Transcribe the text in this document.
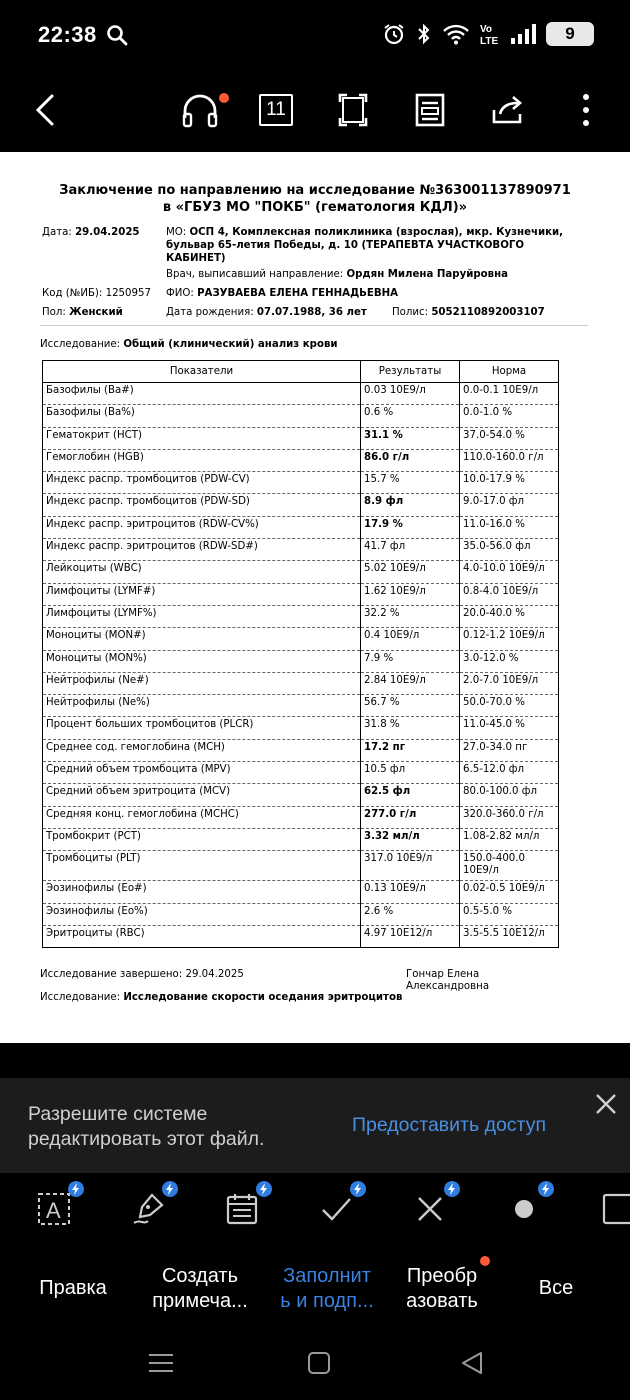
22:38	Vo
LTE	9
11
Заключение по направлению на исследование №363001137890971
в «ГБУЗ МО "ПОКБ" (гематология КДЛ)»
Дата: 29.04.2025	МО: ОСП 4, Комплексная поликлиника (взрослая), мкр. Кузнечики,
бульвар 65-летия Победы, д. 10 (ТЕРАПЕВТА УЧАСТКОВОГО
КАБИНЕТ)
Врач, выписавший направление: Ордян Милена Паруйровна
Код (№ИБ): 1250957 ФИО: РАЗУВАЕВА ЕЛЕНА ГЕННАДЬЕВНА
Пол: Женский	Дата рождения: 07.07.1988, 36 лет Полис: 5052110892003107
Исследование: Общий (клинический) анализ крови
Показатели	Результаты	Норма
Базофилы (Ba#)	0.03 10E9/л	0.0-0.1 10E9/л
Базофилы (Ba%)	0.6 %	0.0-1.0 %
Гематокрит (HCT)	31.1 %	37.0-54.0 %
Гемоглобин (HGB)	86.0 г/л	110.0-160.0 г/л
Индекс распр. тромбоцитов (PDW-CV)	15.7 %	10.0-17.9 %
Индекс распр. тромбоцитов (PDW-SD)	8.9 фл	9.0-17.0 фл
Индекс распр. эритроцитов (RDW-CV%)	17.9 %	11.0-16.0 %
Индекс распр. эритроцитов (RDW-SD#)	41.7 фл	35.0-56.0 фл
Лейкоциты (WBC)	5.02 10E9/л	4.0-10.0 10E9/л
Лимфоциты (LYMF#)	1.62 10E9/л	0.8-4.0 10E9/л
Лимфоциты (LYMF%)	32.2 %	20.0-40.0 %
Моноциты (MON#)	0.4 10E9/л	0.12-1.2 10E9/л
Моноциты (MON%)	7.9 %	3.0-12.0 %
Нейтрофилы (Ne#)	2.84 10E9/л	2.0-7.0 10E9/л
Нейтрофилы (Ne%)	56.7 %	50.0-70.0 %
Процент больших тромбоцитов (PLCR)	31.8 %	11.0-45.0 %
Среднее сод. гемоглобина (MCH)	17.2 пг	27.0-34.0 пг
Средний объем тромбоцита (MPV)	10.5 фл	6.5-12.0 фл
Средний объем эритроцита (MCV)	62.5 фл	80.0-100.0 фл
Средняя конц. гемоглобина (MCHC)	277.0 г/л	320.0-360.0 г/л
Тромбокрит (PCT)	3.32 мл/л	1.08-2.82 мл/л
Тромбоциты (PLT)	317.0 10E9/л	150.0-400.0 10E9/л
Эозинофилы (Eo#)	0.13 10E9/л	0.02-0.5 10E9/л
Эозинофилы (Eo%)	2.6 %	0.5-5.0 %
Эритроциты (RBC)	4.97 10E12/л	3.5-5.5 10E12/л
Исследование завершено: 29.04.2025	Гончар Елена
Александровна
Исследование: Исследование скорости оседания эритроцитов
Разрешите системе
редактировать этот файл.
Предоставить доступ
A
Правка
Создать
примеча...
Заполнит
ь и подп...
Преобр
азовать
Все
